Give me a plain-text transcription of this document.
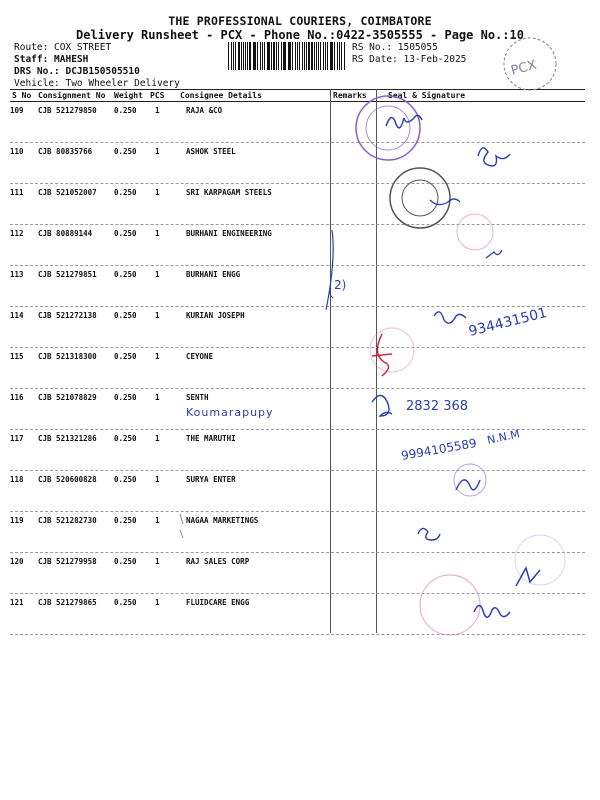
THE PROFESSIONAL COURIERS, COIMBATORE
Delivery Runsheet - PCX - Phone No.:0422-3505555 - Page No.:10
Route: COX STREET
Staff: MAHESH
DRS No.: DCJB150505510
Vehicle: Two Wheeler Delivery
RS No.: 1505055
RS Date: 13-Feb-2025
S No Consignment No Weight PCS Consignee Details	Remarks	Seal & Signature
109 CJB 521279850 0.250 1	RAJA &CO
110 CJB 80835766	0.250 1	ASHOK STEEL
111 CJB 521052007 0.250 1	SRI KARPAGAM STEELS
112 CJB 80889144	0.250 1	BURHANI ENGINEERING
113 CJB 521279851 0.250 1	BURHANI ENGG
114 CJB 521272138 0.250 1	KURIAN JOSEPH
115 CJB 521318300 0.250 1	CEYONE
116 CJB 521078829 0.250 1	SENTH
117 CJB 521321286 0.250 1	THE MARUTHI
118 CJB 520600828 0.250 1	SURYA ENTER
119 CJB 521282730 0.250 1	NAGAA MARKETINGS
120 CJB 521279958 0.250 1	RAJ SALES CORP
121 CJB 521279865 0.250 1	FLUIDCARE ENGG
PCX
2)
934431501
Koumarapupy	2832 368
9994105589 N.N.M
